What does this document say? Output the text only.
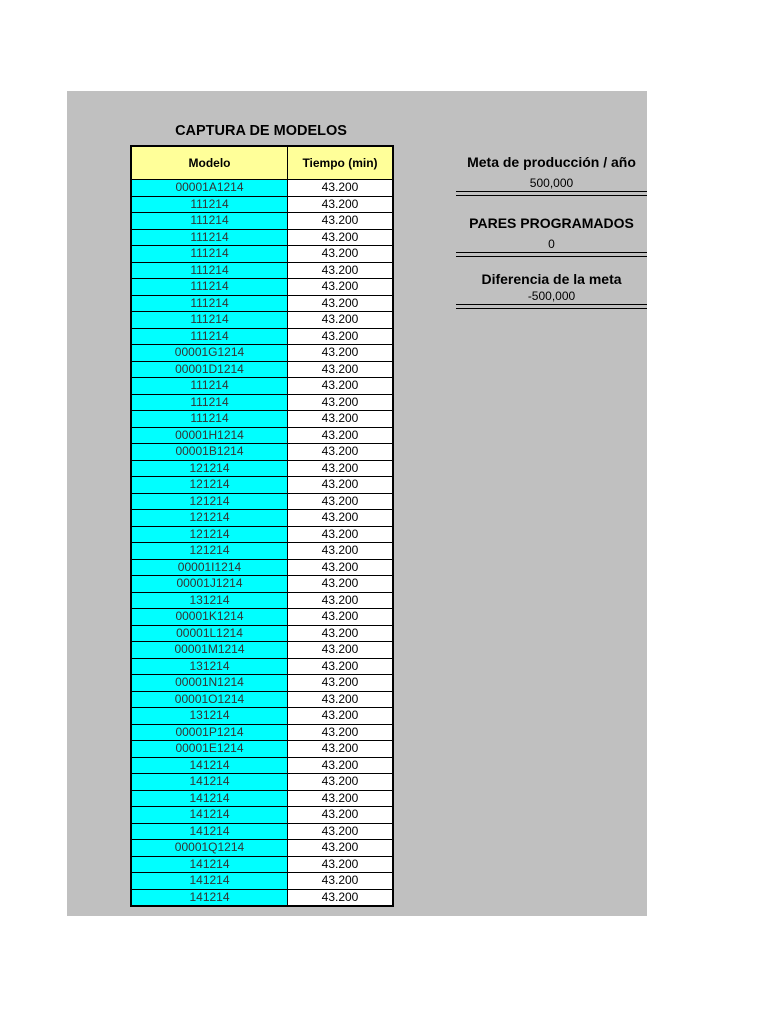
CAPTURA DE MODELOS
Modelo	Tiempo (min)
00001A1214	43.200
111214	43.200
111214	43.200
111214	43.200
111214	43.200
111214	43.200
111214	43.200
111214	43.200
111214	43.200
111214	43.200
00001G1214	43.200
00001D1214	43.200
111214	43.200
111214	43.200
111214	43.200
00001H1214	43.200
00001B1214	43.200
121214	43.200
121214	43.200
121214	43.200
121214	43.200
121214	43.200
121214	43.200
00001I1214	43.200
00001J1214	43.200
131214	43.200
00001K1214	43.200
00001L1214	43.200
00001M1214	43.200
131214	43.200
00001N1214	43.200
00001O1214	43.200
131214	43.200
00001P1214	43.200
00001E1214	43.200
141214	43.200
141214	43.200
141214	43.200
141214	43.200
141214	43.200
00001Q1214	43.200
141214	43.200
141214	43.200
141214	43.200
Meta de producción / año
500,000
PARES PROGRAMADOS
0
Diferencia de la meta
-500,000
